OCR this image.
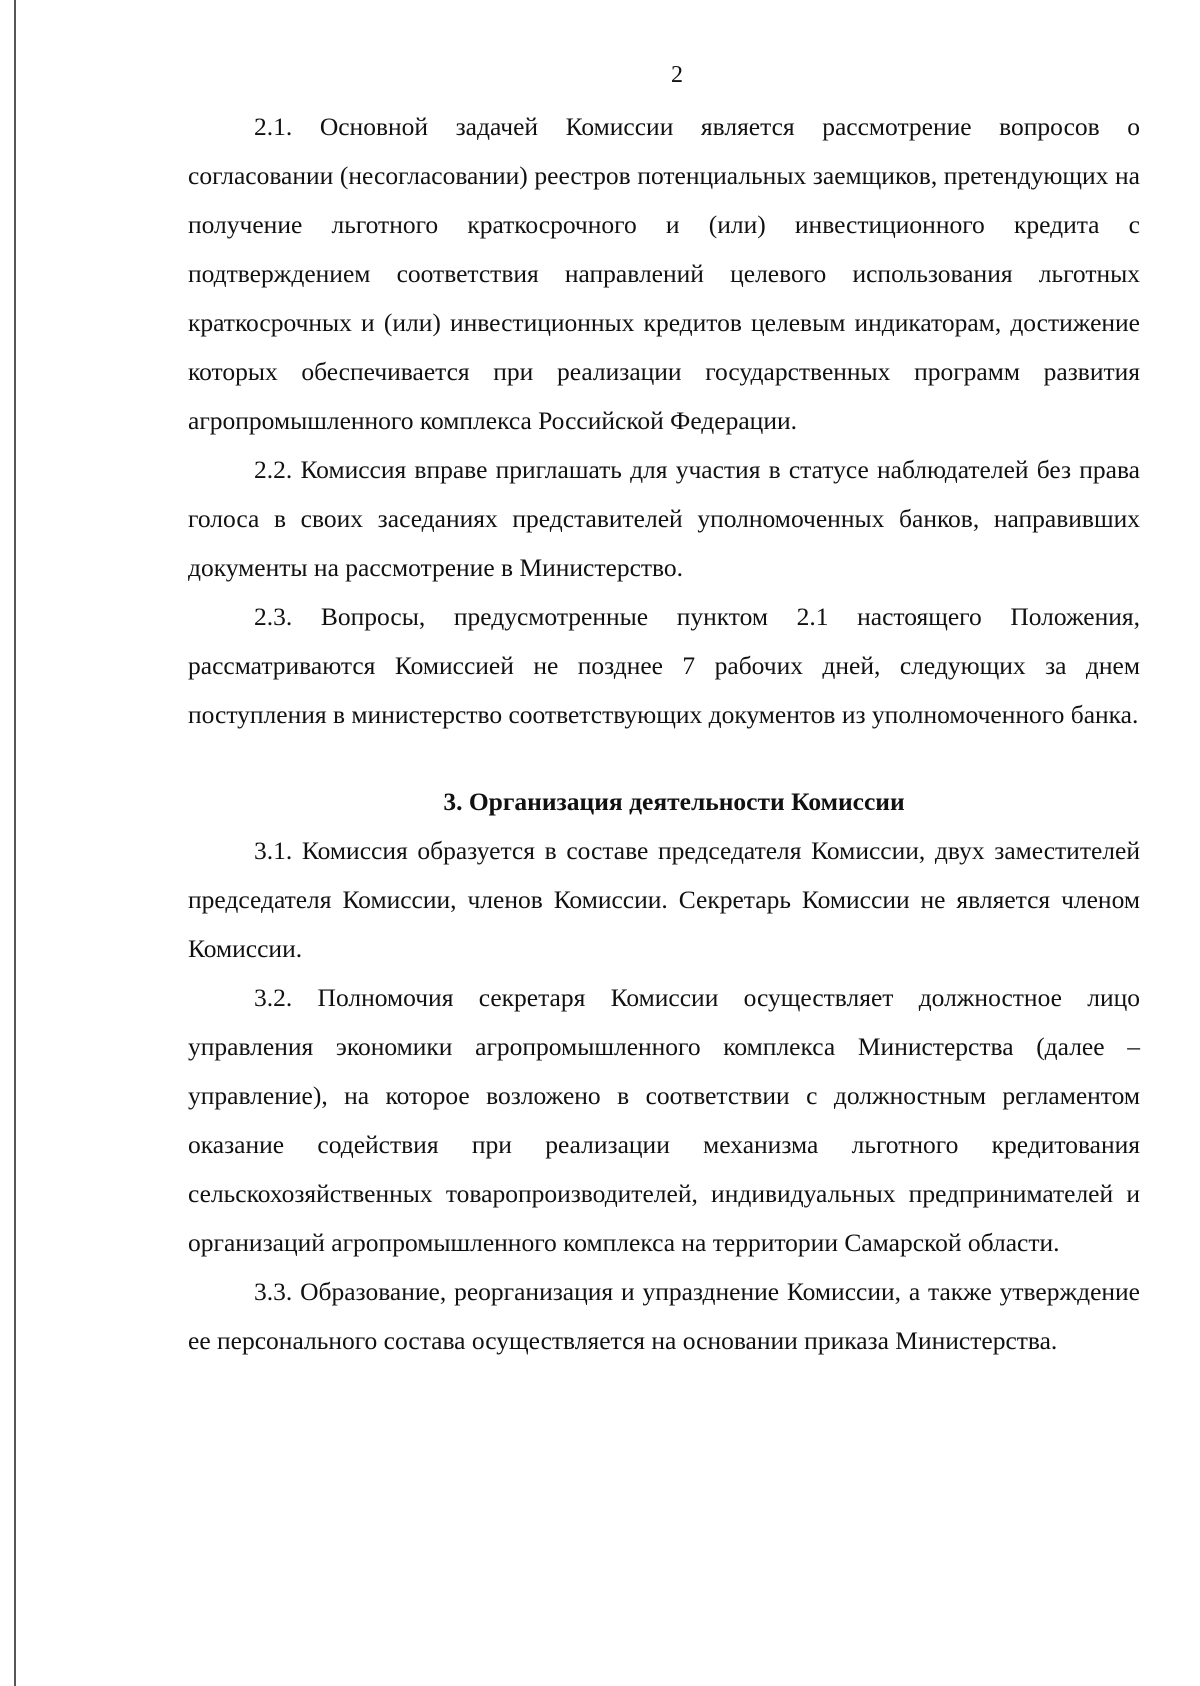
2

2.1. Основной задачей Комиссии является рассмотрение вопросов о согласовании (несогласовании) реестров потенциальных заемщиков, претендующих на получение льготного краткосрочного и (или) инвестиционного кредита с подтверждением соответствия направлений целевого использования льготных краткосрочных и (или) инвестиционных кредитов целевым индикаторам, достижение которых обеспечивается при реализации государственных программ развития агропромышленного комплекса Российской Федерации.

2.2. Комиссия вправе приглашать для участия в статусе наблюдателей без права голоса в своих заседаниях представителей уполномоченных банков, направивших документы на рассмотрение в Министерство.

2.3. Вопросы, предусмотренные пунктом 2.1 настоящего Положения, рассматриваются Комиссией не позднее 7 рабочих дней, следующих за днем поступления в министерство соответствующих документов из уполномоченного банка.

3. Организация деятельности Комиссии

3.1. Комиссия образуется в составе председателя Комиссии, двух заместителей председателя Комиссии, членов Комиссии. Секретарь Комиссии не является членом Комиссии.

3.2. Полномочия секретаря Комиссии осуществляет должностное лицо управления экономики агропромышленного комплекса Министерства (далее – управление), на которое возложено в соответствии с должностным регламентом оказание содействия при реализации механизма льготного кредитования сельскохозяйственных товаропроизводителей, индивидуальных предпринимателей и организаций агропромышленного комплекса на территории Самарской области.

3.3. Образование, реорганизация и упразднение Комиссии, а также утверждение ее персонального состава осуществляется на основании приказа Министерства.
